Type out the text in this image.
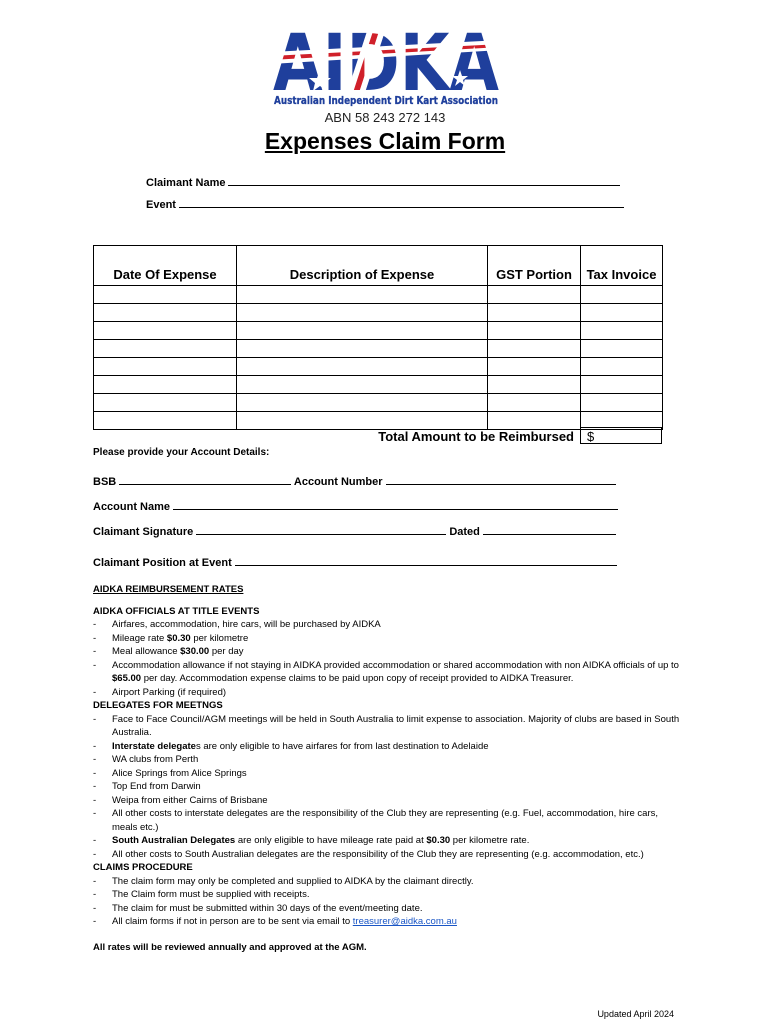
Australian Independent Dirt Kart Association
ABN 58 243 272 143
Expenses Claim Form
Claimant Name
Event
Date Of Expense	Description of Expense	GST Portion	Tax Invoice

Total Amount to be Reimbursed	$
Please provide your Account Details:
BSB	Account Number
Account Name
Claimant Signature	Dated
Claimant Position at Event
AIDKA REIMBURSEMENT RATES
AIDKA OFFICIALS AT TITLE EVENTS
- Airfares, accommodation, hire cars, will be purchased by AIDKA
- Mileage rate $0.30 per kilometre
- Meal allowance $30.00 per day
- Accommodation allowance if not staying in AIDKA provided accommodation or shared accommodation with non AIDKA officials of up to $65.00 per day. Accommodation expense claims to be paid upon copy of receipt provided to AIDKA Treasurer.
- Airport Parking (if required)
DELEGATES FOR MEETNGS
- Face to Face Council/AGM meetings will be held in South Australia to limit expense to association. Majority of clubs are based in South Australia.
- Interstate delegates are only eligible to have airfares for from last destination to Adelaide
- WA clubs from Perth
- Alice Springs from Alice Springs
- Top End from Darwin
- Weipa from either Cairns of Brisbane
- All other costs to interstate delegates are the responsibility of the Club they are representing (e.g. Fuel, accommodation, hire cars, meals etc.)
- South Australian Delegates are only eligible to have mileage rate paid at $0.30 per kilometre rate.
- All other costs to South Australian delegates are the responsibility of the Club they are representing (e.g. accommodation, etc.)
CLAIMS PROCEDURE
- The claim form may only be completed and supplied to AIDKA by the claimant directly.
- The Claim form must be supplied with receipts.
- The claim for must be submitted within 30 days of the event/meeting date.
- All claim forms if not in person are to be sent via email to treasurer@aidka.com.au
All rates will be reviewed annually and approved at the AGM.
Updated April 2024
